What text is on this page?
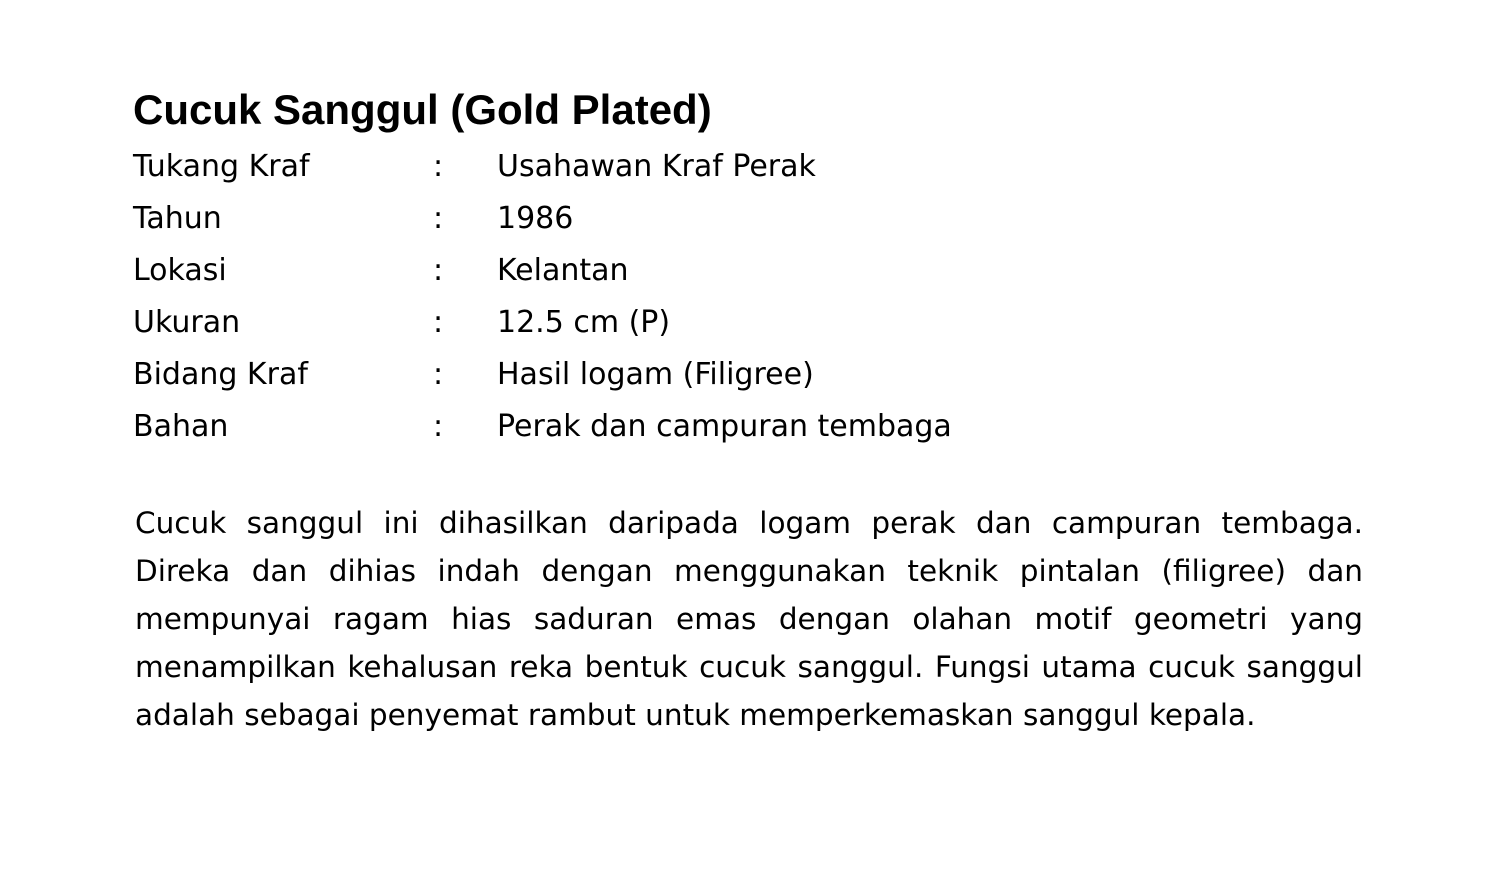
Cucuk Sanggul (Gold Plated)
Tukang Kraf	: Usahawan Kraf Perak
Tahun	: 1986
Lokasi	: Kelantan
Ukuran	: 12.5 cm (P)
Bidang Kraf	: Hasil logam (Filigree)
Bahan	: Perak dan campuran tembaga

Cucuk sanggul ini dihasilkan daripada logam perak dan campuran tembaga. Direka dan dihias indah dengan menggunakan teknik pintalan (filigree) dan mempunyai ragam hias saduran emas dengan olahan motif geometri yang menampilkan kehalusan reka bentuk cucuk sanggul. Fungsi utama cucuk sanggul adalah sebagai penyemat rambut untuk memperkemaskan sanggul kepala.
